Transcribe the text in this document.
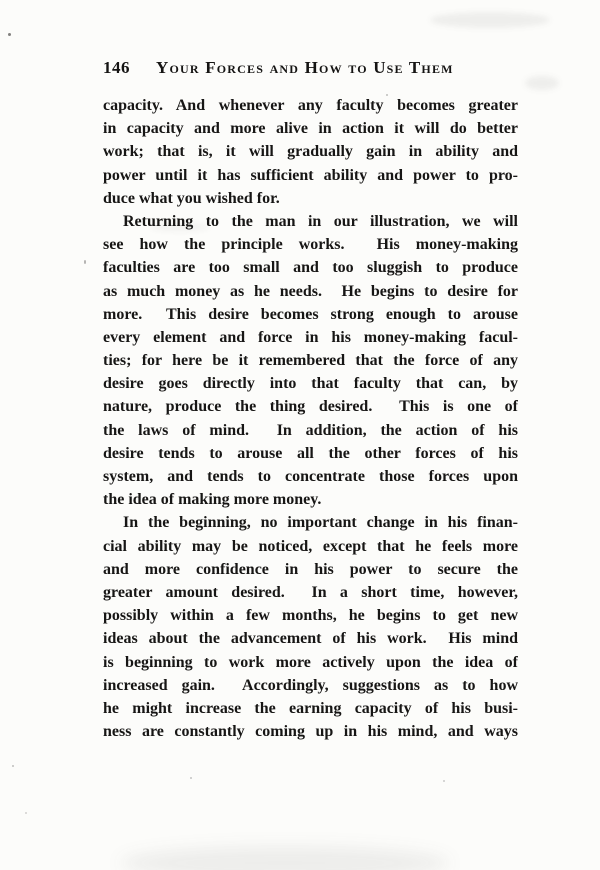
146 Your Forces and How to Use Them
capacity. And whenever any faculty becomes greater
in capacity and more alive in action it will do better
work; that is, it will gradually gain in ability and
power until it has sufficient ability and power to pro-
duce what you wished for.
Returning to the man in our illustration, we will
see how the principle works.  His money-making
faculties are too small and too sluggish to produce
as much money as he needs.  He begins to desire for
more.  This desire becomes strong enough to arouse
every element and force in his money-making facul-
ties; for here be it remembered that the force of any
desire goes directly into that faculty that can, by
nature, produce the thing desired.  This is one of
the laws of mind.  In addition, the action of his
desire tends to arouse all the other forces of his
system, and tends to concentrate those forces upon
the idea of making more money.
In the beginning, no important change in his finan-
cial ability may be noticed, except that he feels more
and more confidence in his power to secure the
greater amount desired.  In a short time, however,
possibly within a few months, he begins to get new
ideas about the advancement of his work.  His mind
is beginning to work more actively upon the idea of
increased gain.  Accordingly, suggestions as to how
he might increase the earning capacity of his busi-
ness are constantly coming up in his mind, and ways
